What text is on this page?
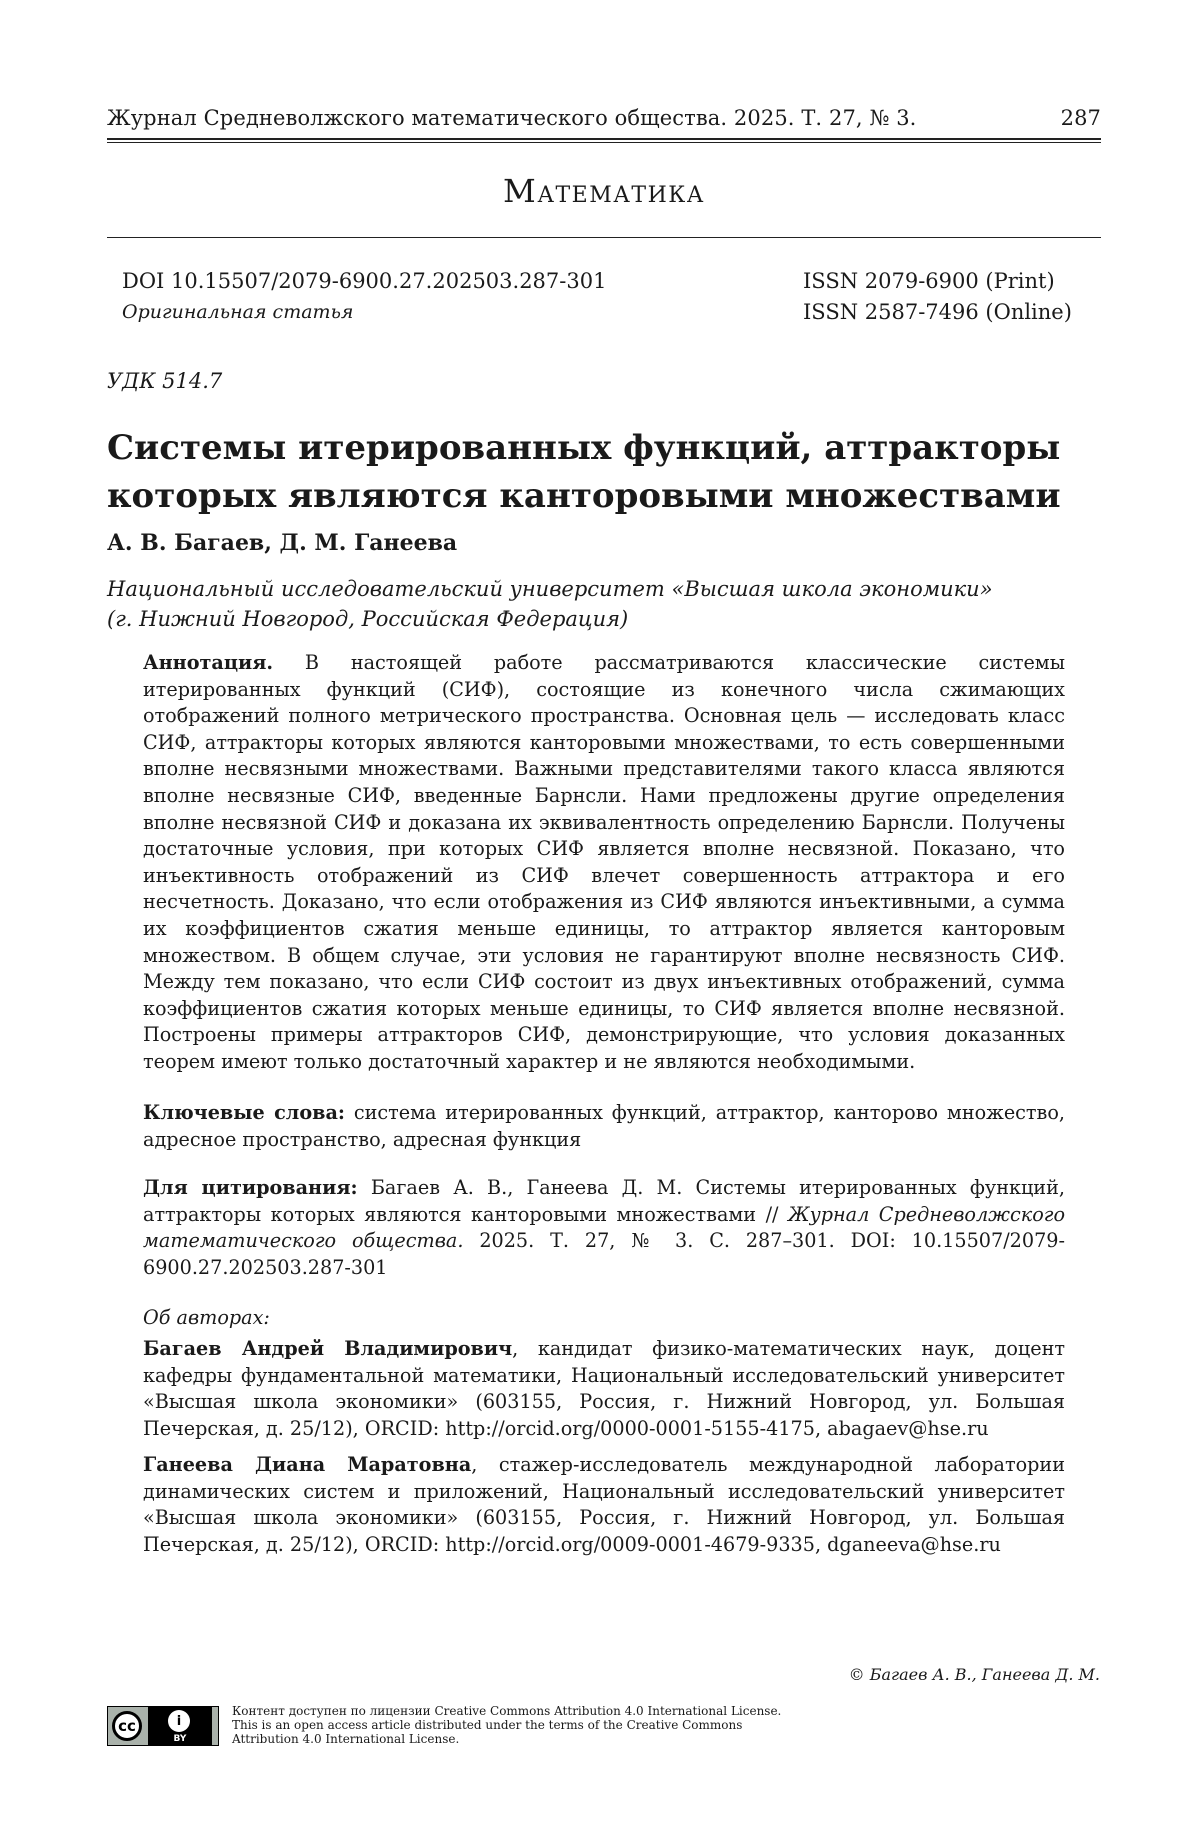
Журнал Средневолжского математического общества. 2025. Т. 27, № 3.	287
Математика
DOI 10.15507/2079-6900.27.202503.287-301
Оригинальная статья
ISSN 2079-6900 (Print)
ISSN 2587-7496 (Online)
УДК 514.7
Системы итерированных функций, аттракторы
которых являются канторовыми множествами
А. В. Багаев, Д. М. Ганеева
Национальный исследовательский университет «Высшая школа экономики»
(г. Нижний Новгород, Российская Федерация)
Аннотация. В настоящей работе рассматриваются классические системы итерированных функций (СИФ), состоящие из конечного числа сжимающих отображений полного метрического пространства. Основная цель — исследовать класс СИФ, аттракторы которых являются канторовыми множествами, то есть совершенными вполне несвязными множествами. Важными представителями такого класса являются вполне несвязные СИФ, введенные Барнсли. Нами предложены другие определения вполне несвязной СИФ и доказана их эквивалентность определению Барнсли. Получены достаточные условия, при которых СИФ является вполне несвязной. Показано, что инъективность отображений из СИФ влечет совершенность аттрактора и его несчетность. Доказано, что если отображения из СИФ являются инъективными, а сумма их коэффициентов сжатия меньше единицы, то аттрактор является канторовым множеством. В общем случае, эти условия не гарантируют вполне несвязность СИФ. Между тем показано, что если СИФ состоит из двух инъективных отображений, сумма коэффициентов сжатия которых меньше единицы, то СИФ является вполне несвязной. Построены примеры аттракторов СИФ, демонстрирующие, что условия доказанных теорем имеют только достаточный характер и не являются необходимыми.
Ключевые слова: система итерированных функций, аттрактор, канторово множество, адресное пространство, адресная функция
Для цитирования: Багаев А. В., Ганеева Д. М. Системы итерированных функций, аттракторы которых являются канторовыми множествами // Журнал Средневолжского математического общества. 2025. Т. 27, № 3. С. 287–301. DOI: 10.15507/2079-6900.27.202503.287-301
Об авторах:
Багаев Андрей Владимирович, кандидат физико-математических наук, доцент кафедры фундаментальной математики, Национальный исследовательский университет «Высшая школа экономики» (603155, Россия, г. Нижний Новгород, ул. Большая Печерская, д. 25/12), ORCID: http://orcid.org/0000-0001-5155-4175, abagaev@hse.ru
Ганеева Диана Маратовна, стажер-исследователь международной лаборатории динамических систем и приложений, Национальный исследовательский университет «Высшая школа экономики» (603155, Россия, г. Нижний Новгород, ул. Большая Печерская, д. 25/12), ORCID: http://orcid.org/0009-0001-4679-9335, dganeeva@hse.ru
© Багаев А. В., Ганеева Д. М.
cc	i
BY
Контент доступен по лицензии Creative Commons Attribution 4.0 International License.
This is an open access article distributed under the terms of the Creative Commons
Attribution 4.0 International License.
